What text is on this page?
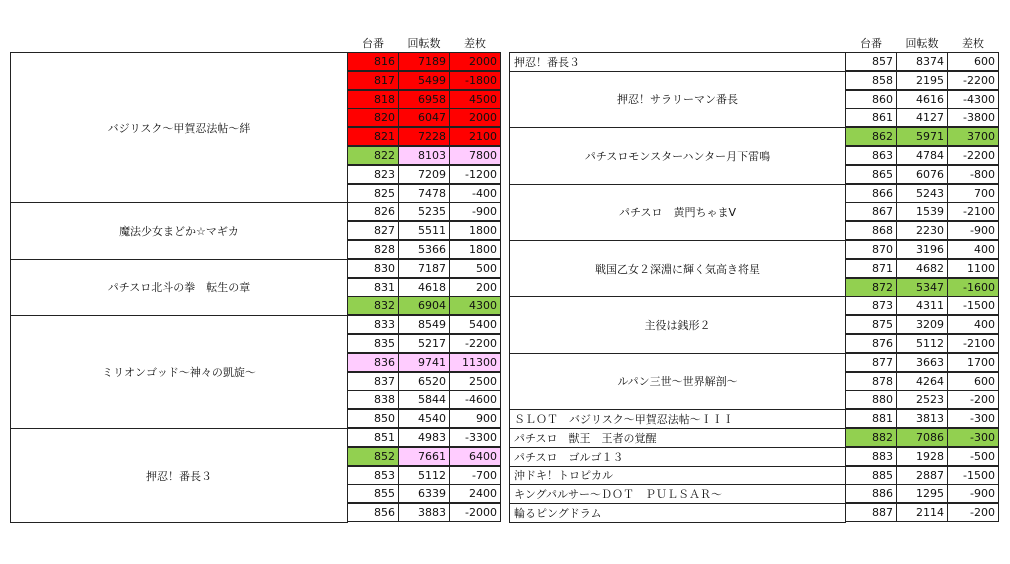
台番	回転数	差枚	台番	回転数	差枚
バジリスク～甲賀忍法帖～絆
816	7189	2000
817	5499	-1800
818	6958	4500
820	6047	2000
821	7228	2100
822	8103	7800
823	7209	-1200
825	7478	-400
魔法少女まどか☆マギカ
826	5235	-900
827	5511	1800
828	5366	1800
パチスロ北斗の拳　転生の章
830	7187	500
831	4618	200
832	6904	4300
ミリオンゴッド～神々の凱旋～
833	8549	5400
835	5217	-2200
836	9741	11300
837	6520	2500
838	5844	-4600
850	4540	900
押忍！番長３
851	4983	-3300
852	7661	6400
853	5112	-700
855	6339	2400
856	3883	-2000
押忍！番長３	857	8374	600
押忍！サラリーマン番長
858	2195	-2200
860	4616	-4300
861	4127	-3800
パチスロモンスターハンター月下雷鳴
862	5971	3700
863	4784	-2200
865	6076	-800
パチスロ　黄門ちゃまV
866	5243	700
867	1539	-2100
868	2230	-900
戦国乙女２深淵に輝く気高き将星
870	3196	400
871	4682	1100
872	5347	-1600
主役は銭形２
873	4311	-1500
875	3209	400
876	5112	-2100
ルパン三世～世界解剖～
877	3663	1700
878	4264	600
880	2523	-200
ＳＬＯＴ　バジリスク～甲賀忍法帖～ＩＩＩ	881	3813	-300
パチスロ　獣王　王者の覚醒	882	7086	-300
パチスロ　ゴルゴ１３	883	1928	-500
沖ドキ！トロピカル	885	2887	-1500
キングパルサー～ＤＯＴ　ＰＵＬＳＡＲ～	886	1295	-900
輪るピングドラム	887	2114	-200
